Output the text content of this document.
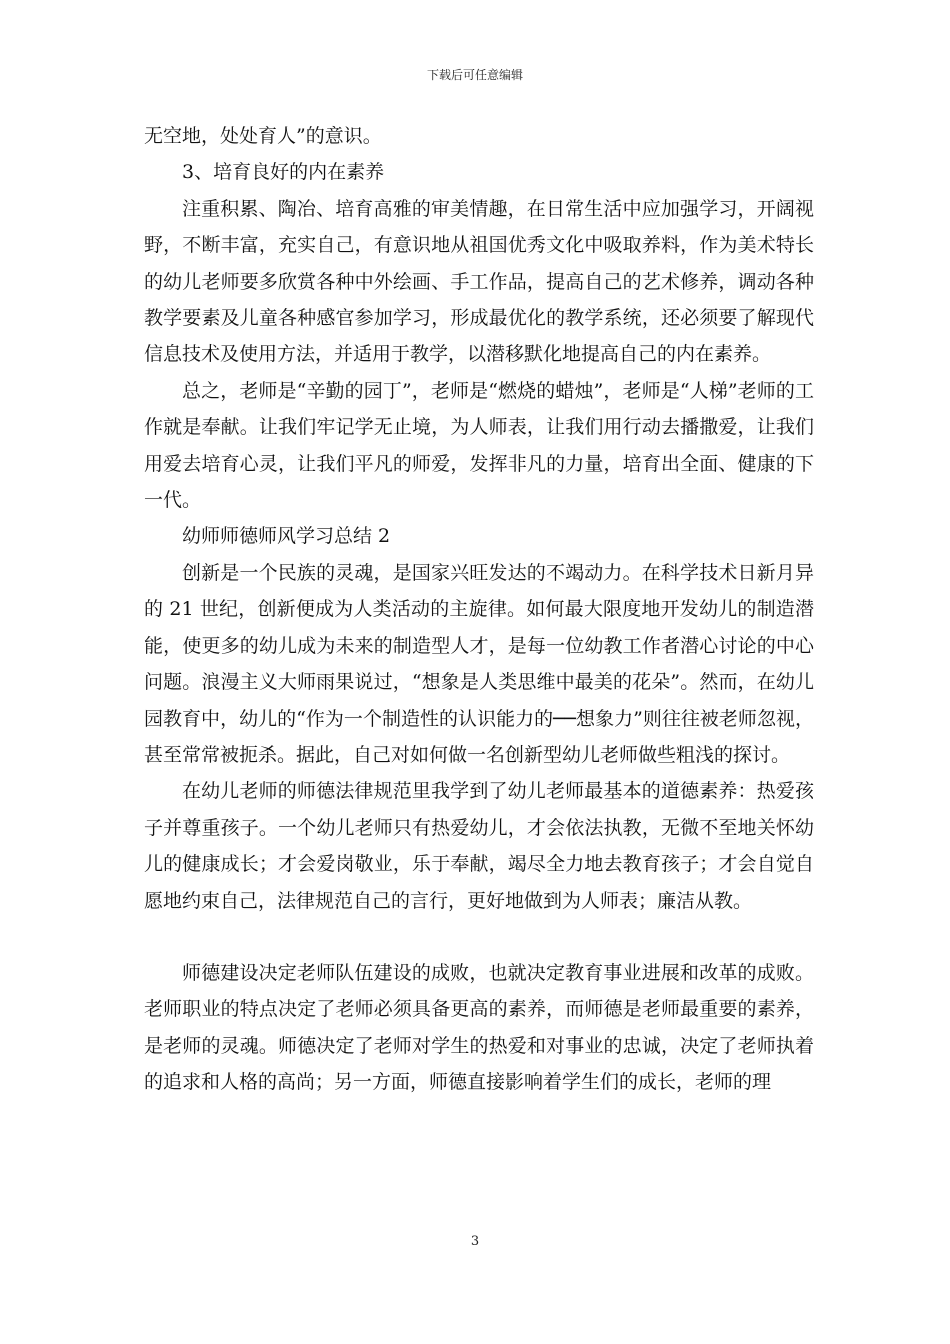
下载后可任意编辑

无空地，处处育人”的意识。

3、培育良好的内在素养

注重积累、陶冶、培育高雅的审美情趣，在日常生活中应加强学习，开阔视野，不断丰富，充实自己，有意识地从祖国优秀文化中吸取养料，作为美术特长的幼儿老师要多欣赏各种中外绘画、手工作品，提高自己的艺术修养，调动各种教学要素及儿童各种感官参加学习，形成最优化的教学系统，还必须要了解现代信息技术及使用方法，并适用于教学，以潜移默化地提高自己的内在素养。

总之，老师是“辛勤的园丁”，老师是“燃烧的蜡烛”，老师是“人梯”老师的工作就是奉献。让我们牢记学无止境，为人师表，让我们用行动去播撒爱，让我们用爱去培育心灵，让我们平凡的师爱，发挥非凡的力量，培育出全面、健康的下一代。

幼师师德师风学习总结 2

创新是一个民族的灵魂，是国家兴旺发达的不竭动力。在科学技术日新月异的 21 世纪，创新便成为人类活动的主旋律。如何最大限度地开发幼儿的制造潜能，使更多的幼儿成为未来的制造型人才，是每一位幼教工作者潜心讨论的中心问题。浪漫主义大师雨果说过，“想象是人类思维中最美的花朵”。然而，在幼儿园教育中，幼儿的“作为一个制造性的认识能力的──想象力”则往往被老师忽视，甚至常常被扼杀。据此，自己对如何做一名创新型幼儿老师做些粗浅的探讨。

在幼儿老师的师德法律规范里我学到了幼儿老师最基本的道德素养：热爱孩子并尊重孩子。一个幼儿老师只有热爱幼儿，才会依法执教，无微不至地关怀幼儿的健康成长；才会爱岗敬业，乐于奉献，竭尽全力地去教育孩子；才会自觉自愿地约束自己，法律规范自己的言行，更好地做到为人师表；廉洁从教。

师德建设决定老师队伍建设的成败，也就决定教育事业进展和改革的成败。老师职业的特点决定了老师必须具备更高的素养，而师德是老师最重要的素养，是老师的灵魂。师德决定了老师对学生的热爱和对事业的忠诚，决定了老师执着的追求和人格的高尚；另一方面，师德直接影响着学生们的成长，老师的理

3
